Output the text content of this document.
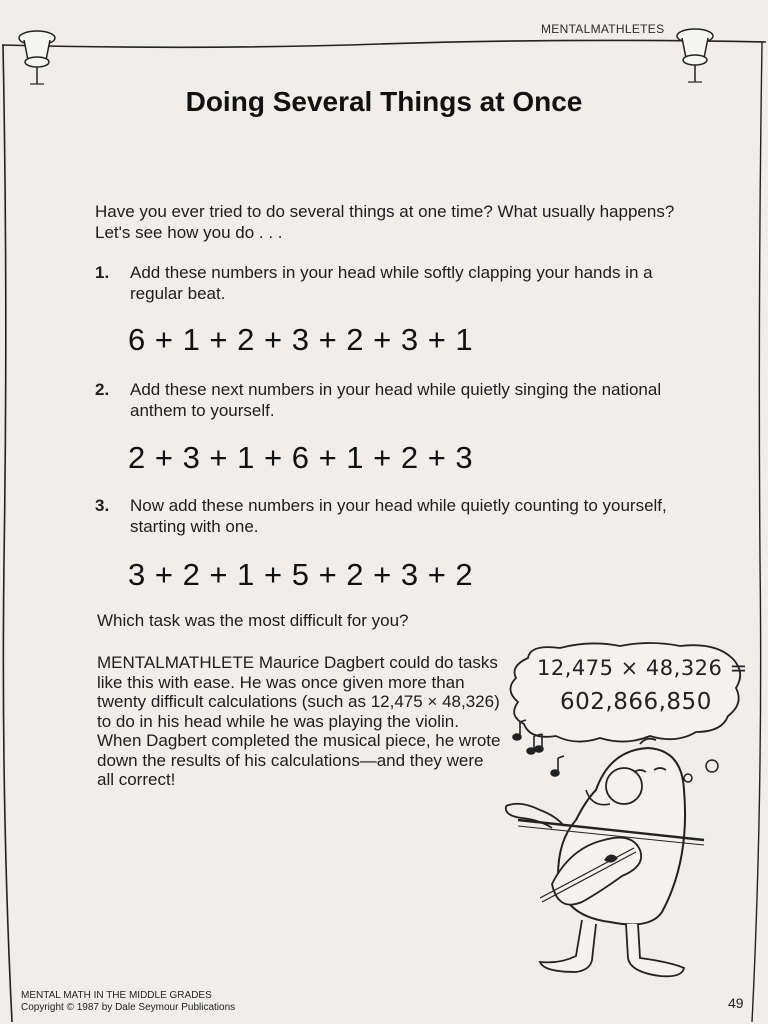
MENTALMATHLETES
Doing Several Things at Once
Have you ever tried to do several things at one time? What usually happens? Let's see how you do . . .
1. Add these numbers in your head while softly clapping your hands in a regular beat.
6 + 1 + 2 + 3 + 2 + 3 + 1
2. Add these next numbers in your head while quietly singing the national anthem to yourself.
2 + 3 + 1 + 6 + 1 + 2 + 3
3. Now add these numbers in your head while quietly counting to yourself, starting with one.
3 + 2 + 1 + 5 + 2 + 3 + 2
Which task was the most difficult for you?
MENTALMATHLETE Maurice Dagbert could do tasks like this with ease. He was once given more than twenty difficult calculations (such as 12,475 × 48,326) to do in his head while he was playing the violin. When Dagbert completed the musical piece, he wrote down the results of his calculations—and they were all correct!
12,475 × 48,326 =
602,866,850
MENTAL MATH IN THE MIDDLE GRADES
Copyright © 1987 by Dale Seymour Publications	49
